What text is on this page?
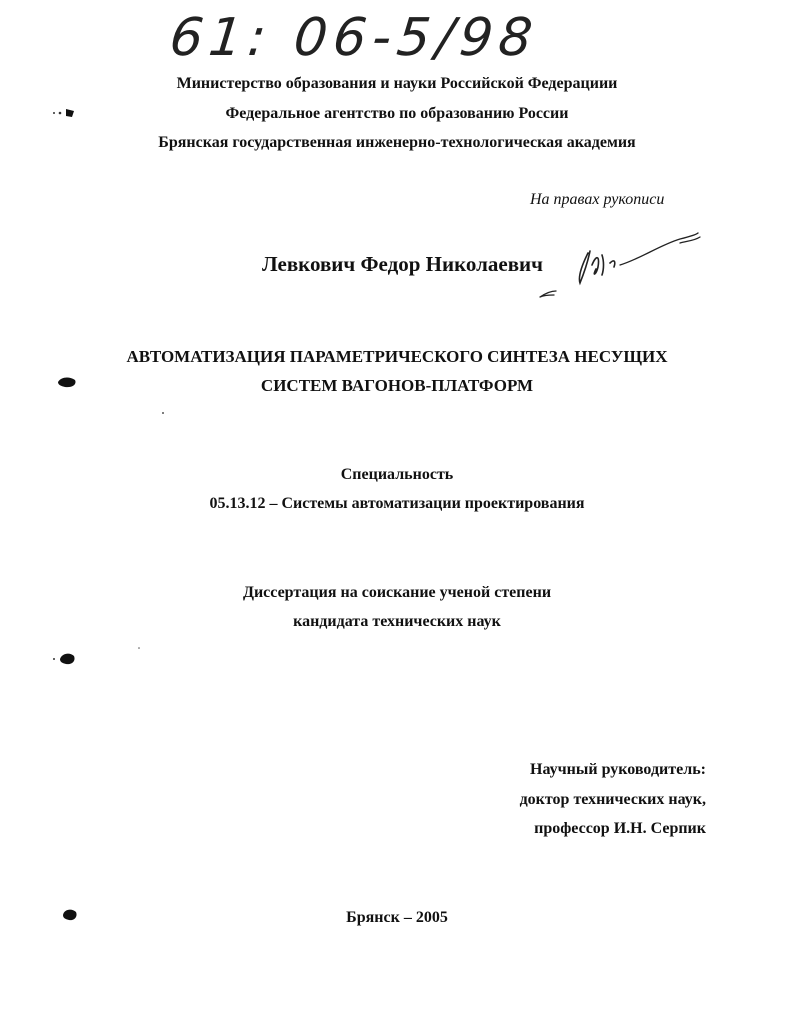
61: 06-5/98
Министерство образования и науки Российской Федерациии
Федеральное агентство по образованию России
Брянская государственная инженерно-технологическая академия
На правах рукописи
Левкович Федор Николаевич
АВТОМАТИЗАЦИЯ ПАРАМЕТРИЧЕСКОГО СИНТЕЗА НЕСУЩИХ
СИСТЕМ ВАГОНОВ-ПЛАТФОРМ
Специальность
05.13.12 – Системы автоматизации проектирования
Диссертация на соискание ученой степени
кандидата технических наук
Научный руководитель:
доктор технических наук,
профессор И.Н. Серпик
Брянск – 2005
